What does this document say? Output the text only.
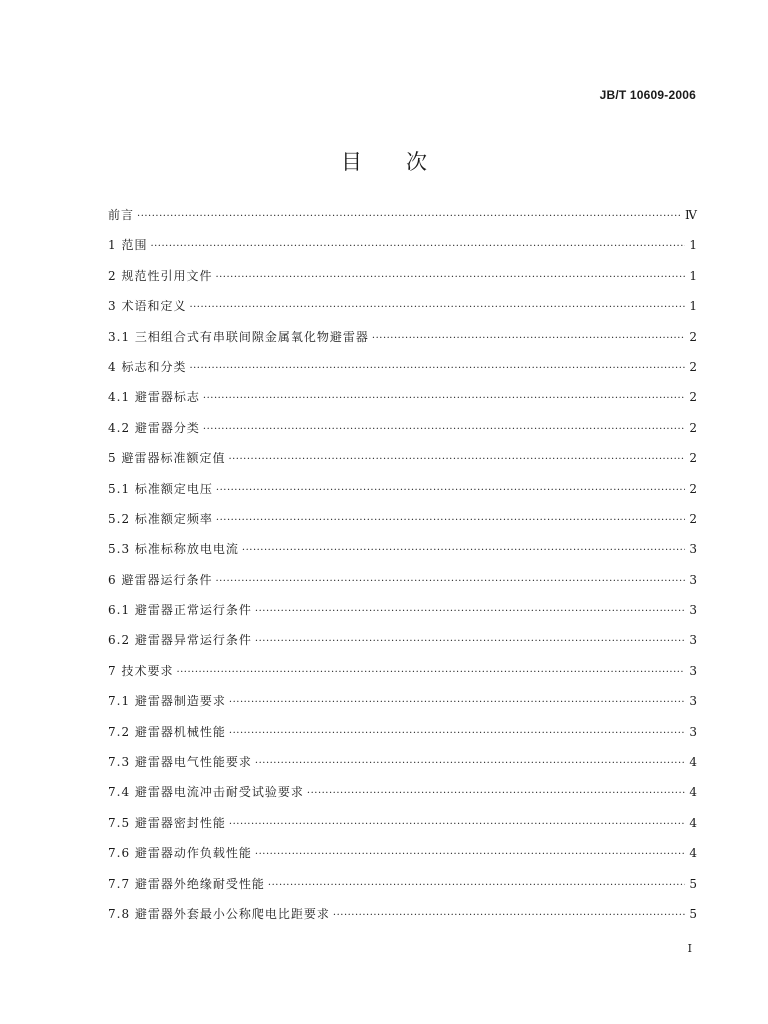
JB/T 10609-2006
目次
前言 ·····	Ⅳ
1 范围 ·····	1
2 规范性引用文件 ·····	1
3 术语和定义 ·····	1
3.1 三相组合式有串联间隙金属氧化物避雷器 ·····	2
4 标志和分类 ·····	2
4.1 避雷器标志 ·····	2
4.2 避雷器分类 ·····	2
5 避雷器标准额定值 ·····	2
5.1 标准额定电压 ·····	2
5.2 标准额定频率 ·····	2
5.3 标准标称放电电流 ·····	3
6 避雷器运行条件 ·····	3
6.1 避雷器正常运行条件 ·····	3
6.2 避雷器异常运行条件 ·····	3
7 技术要求 ·····	3
7.1 避雷器制造要求 ·····	3
7.2 避雷器机械性能 ·····	3
7.3 避雷器电气性能要求 ·····	4
7.4 避雷器电流冲击耐受试验要求 ·····	4
7.5 避雷器密封性能 ·····	4
7.6 避雷器动作负载性能 ·····	4
7.7 避雷器外绝缘耐受性能 ·····	5
7.8 避雷器外套最小公称爬电比距要求 ·····	5
I
